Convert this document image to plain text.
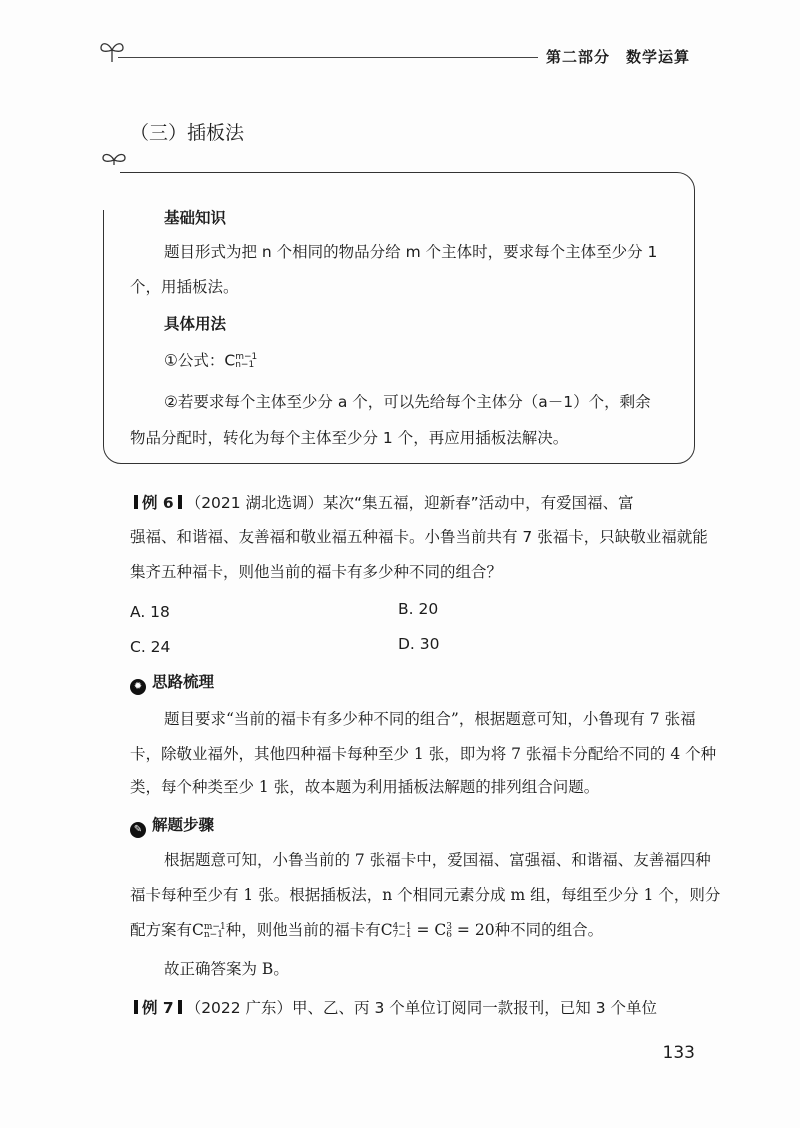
第二部分　数学运算
（三）插板法
基础知识
题目形式为把 n 个相同的物品分给 m 个主体时，要求每个主体至少分 1
个，用插板法。
具体用法
①公式：Cm−1
n−1
②若要求每个主体至少分 a 个，可以先给每个主体分（a－1）个，剩余
物品分配时，转化为每个主体至少分 1 个，再应用插板法解决。
例 6 （2021 湖北选调）某次“集五福，迎新春”活动中，有爱国福、富
强福、和谐福、友善福和敬业福五种福卡。小鲁当前共有 7 张福卡，只缺敬业福就能
集齐五种福卡，则他当前的福卡有多少种不同的组合？
A. 18	B. 20
C. 24	D. 30
✹ 思路梳理
题目要求“当前的福卡有多少种不同的组合”，根据题意可知，小鲁现有 7 张福
卡，除敬业福外，其他四种福卡每种至少 1 张，即为将 7 张福卡分配给不同的 4 个种
类，每个种类至少 1 张，故本题为利用插板法解题的排列组合问题。
✎ 解题步骤
根据题意可知，小鲁当前的 7 张福卡中，爱国福、富强福、和谐福、友善福四种
福卡每种至少有 1 张。根据插板法，n 个相同元素分成 m 组，每组至少分 1 个，则分
配方案有Cm−1
n−1 种，则他当前的福卡有C4−1
7−1 = C3
6 = 20种不同的组合。
故正确答案为 B。
例 7 （2022 广东）甲、乙、丙 3 个单位订阅同一款报刊，已知 3 个单位
133
